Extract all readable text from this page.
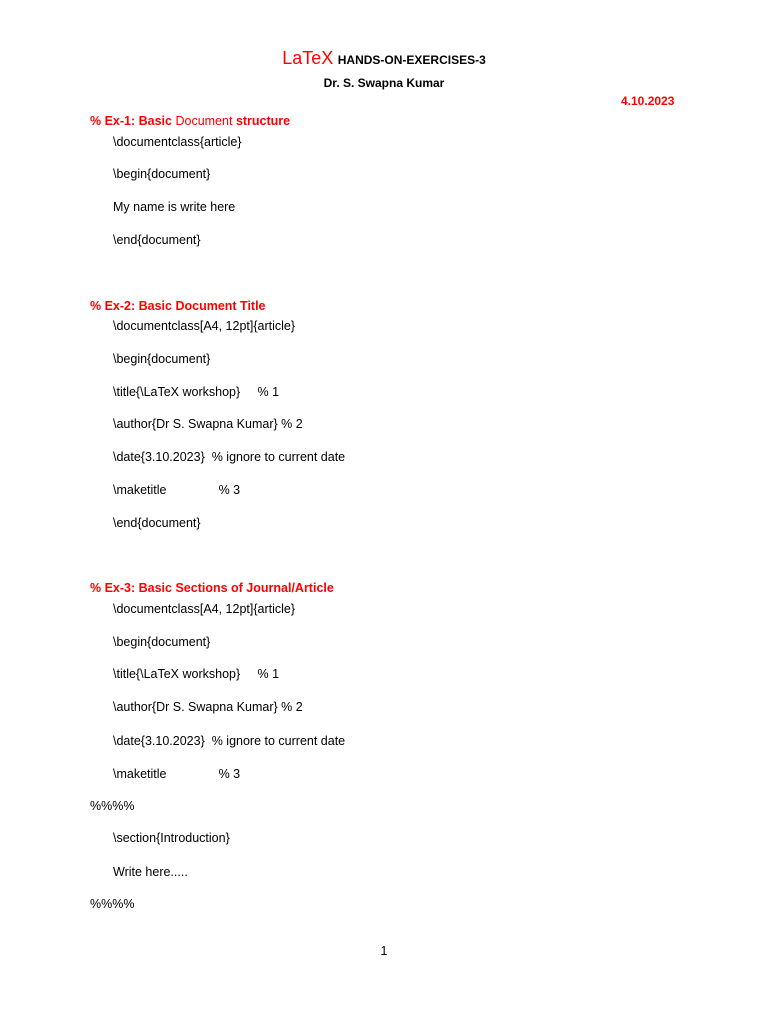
LaTeX HANDS-ON-EXERCISES-3
Dr. S. Swapna Kumar
4.10.2023
% Ex-1: Basic Document structure
\documentclass{article}
\begin{document}
My name is write here
\end{document}
% Ex-2: Basic Document Title
\documentclass[A4, 12pt]{article}
\begin{document}
\title{\LaTeX workshop}     % 1
\author{Dr S. Swapna Kumar} % 2
\date{3.10.2023}  % ignore to current date
\maketitle               % 3
\end{document}
% Ex-3: Basic Sections of Journal/Article
\documentclass[A4, 12pt]{article}
\begin{document}
\title{\LaTeX workshop}     % 1
\author{Dr S. Swapna Kumar} % 2
\date{3.10.2023}  % ignore to current date
\maketitle               % 3
%%%%
\section{Introduction}
Write here.....
%%%%
1
